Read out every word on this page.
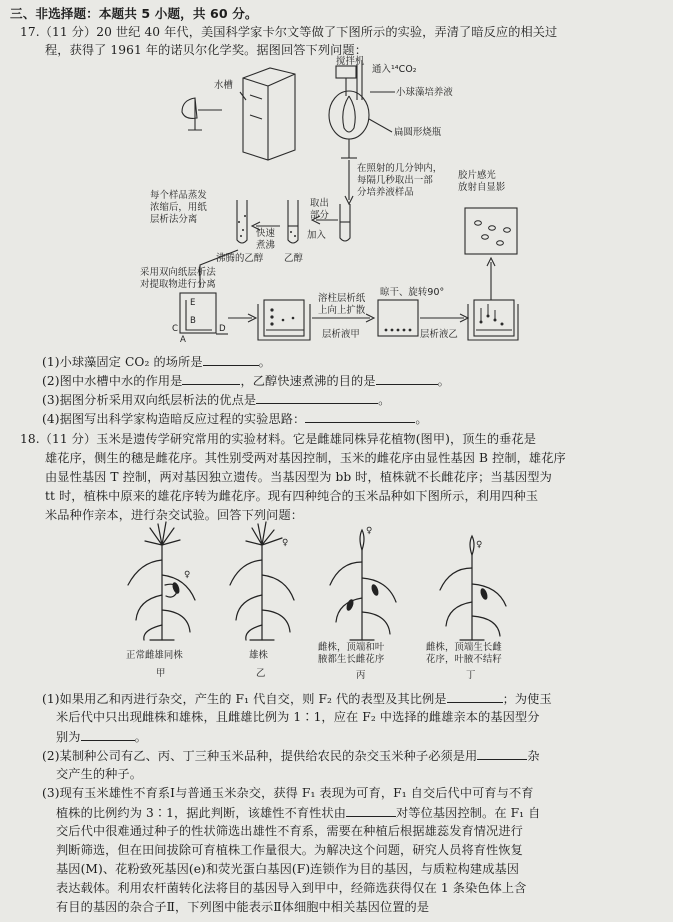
三、非选择题：本题共 5 小题，共 60 分。
17.（11 分）20 世纪 40 年代，美国科学家卡尔文等做了下图所示的实验，弄清了暗反应的相关过
程，获得了 1961 年的诺贝尔化学奖。据图回答下列问题：
搅拌机
通入¹⁴CO₂
水槽
小球藻培养液
扁圆形烧瓶
在照射的几分钟内，
每隔几秒取出一部
分培养液样品
胶片感光
放射自显影
每个样品蒸发
浓缩后，用纸
层析法分离
取出
部分
加入
快速
煮沸
沸腾的乙醇 乙醇
采用双向纸层析法
对提取物进行分离
E
B
C	D
A
溶柱层析纸
上向上扩散
晾干、旋转90°
层析液甲	层析液乙
(1)小球藻固定 CO₂ 的场所是	。
(2)图中水槽中水的作用是	，乙醇快速煮沸的目的是	。
(3)据图分析采用双向纸层析法的优点是	。
(4)据图写出科学家构造暗反应过程的实验思路：	。
18.（11 分）玉米是遗传学研究常用的实验材料。它是雌雄同株异花植物(图甲)，顶生的垂花是
雄花序，侧生的穗是雌花序。其性别受两对基因控制，玉米的雌花序由显性基因 B 控制，雄花序
由显性基因 T 控制，两对基因独立遗传。当基因型为 bb 时，植株就不长雌花序；当基因型为
tt 时，植株中原来的雄花序转为雌花序。现有四种纯合的玉米品种如下图所示，利用四种玉
米品种作亲本，进行杂交试验。回答下列问题：
♀
♀
♀
♀
正常雌雄同株
甲
雄株
乙
雌株，顶端和叶
腋都生长雌花序
丙
雌株，顶端生长雌
花序，叶腋不结籽
丁
(1)如果用乙和丙进行杂交，产生的 F₁ 代自交，则 F₂ 代的表型及其比例是	；为使玉
米后代中只出现雌株和雄株，且雌雄比例为 1∶1，应在 F₂ 中选择的雌雄亲本的基因型分
别为	。
(2)某制种公司有乙、丙、丁三种玉米品种，提供给农民的杂交玉米种子必须是用	杂
交产生的种子。
(3)现有玉米雄性不育系Ⅰ与普通玉米杂交，获得 F₁ 表现为可育，F₁ 自交后代中可育与不育
植株的比例约为 3∶1，据此判断，该雄性不育性状由	对等位基因控制。在 F₁ 自
交后代中很难通过种子的性状筛选出雄性不育系，需要在种植后根据雄蕊发育情况进行
判断筛选，但在田间拔除可育植株工作量很大。为解决这个问题，研究人员将育性恢复
基因(M)、花粉致死基因(e)和荧光蛋白基因(F)连锁作为目的基因，与质粒构建成基因
表达载体。利用农杆菌转化法将目的基因导入到甲中，经筛选获得仅在 1 条染色体上含
有目的基因的杂合子Ⅱ，下列图中能表示Ⅱ体细胞中相关基因位置的是
